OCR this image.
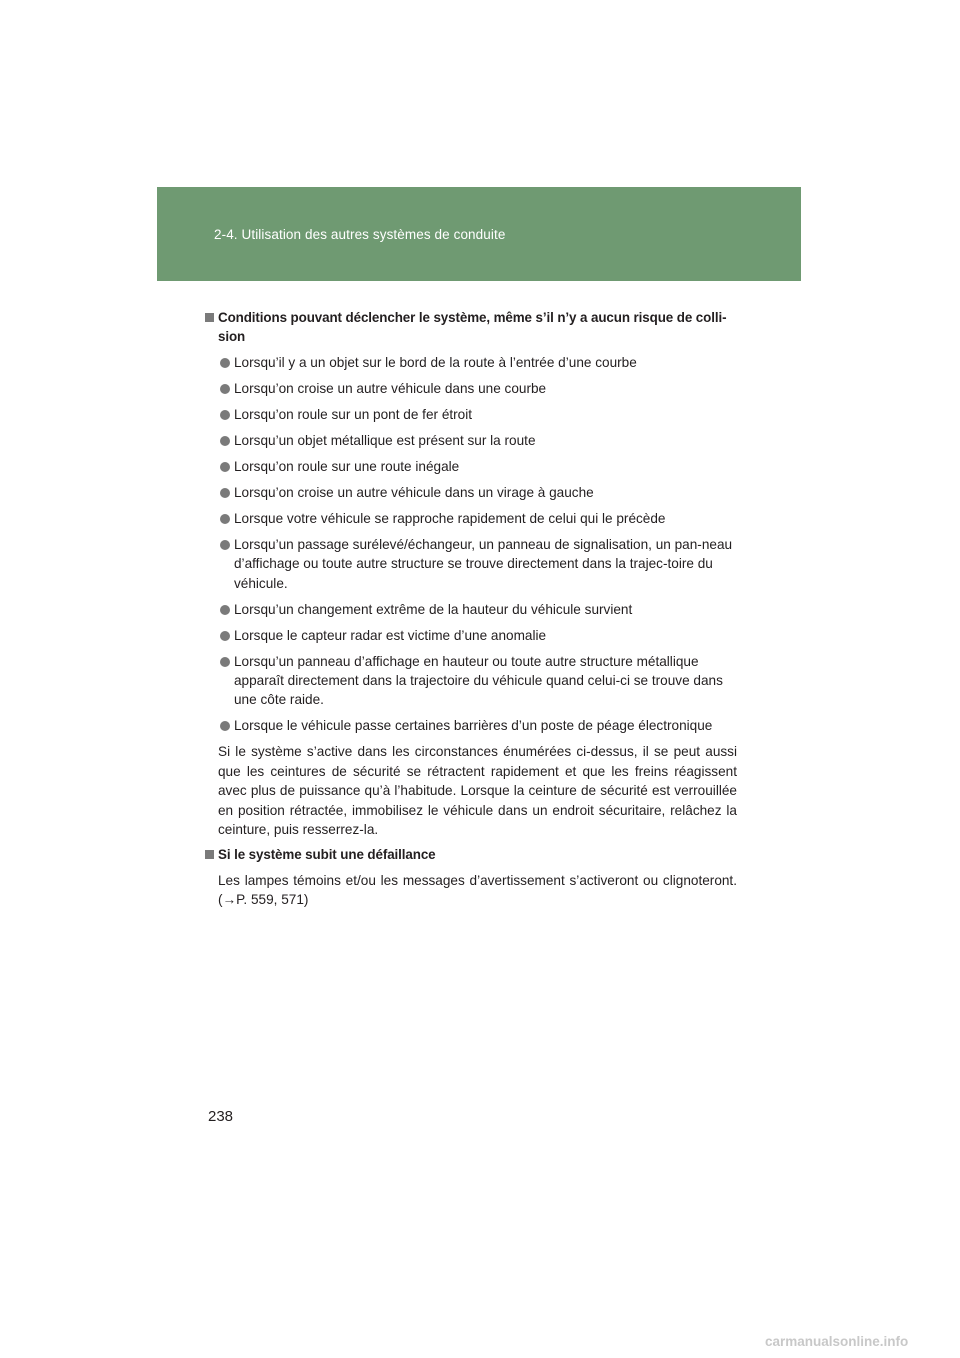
2-4. Utilisation des autres systèmes de conduite
Conditions pouvant déclencher le système, même s’il n’y a aucun risque de colli-sion
Lorsqu’il y a un objet sur le bord de la route à l’entrée d’une courbe
Lorsqu’on croise un autre véhicule dans une courbe
Lorsqu’on roule sur un pont de fer étroit
Lorsqu’un objet métallique est présent sur la route
Lorsqu’on roule sur une route inégale
Lorsqu’on croise un autre véhicule dans un virage à gauche
Lorsque votre véhicule se rapproche rapidement de celui qui le précède
Lorsqu’un passage surélevé/échangeur, un panneau de signalisation, un pan-neau d’affichage ou toute autre structure se trouve directement dans la trajec-toire du véhicule.
Lorsqu’un changement extrême de la hauteur du véhicule survient
Lorsque le capteur radar est victime d’une anomalie
Lorsqu’un panneau d’affichage en hauteur ou toute autre structure métallique apparaît directement dans la trajectoire du véhicule quand celui-ci se trouve dans une côte raide.
Lorsque le véhicule passe certaines barrières d’un poste de péage électronique

Si le système s’active dans les circonstances énumérées ci-dessus, il se peut aussi que les ceintures de sécurité se rétractent rapidement et que les freins réagissent avec plus de puissance qu’à l’habitude. Lorsque la ceinture de sécurité est verrouillée en position rétractée, immobilisez le véhicule dans un endroit sécuritaire, relâchez la ceinture, puis resserrez-la.

Si le système subit une défaillance

Les lampes témoins et/ou les messages d’avertissement s’activeront ou clignoteront. (→P. 559, 571)

238
carmanualsonline.info
